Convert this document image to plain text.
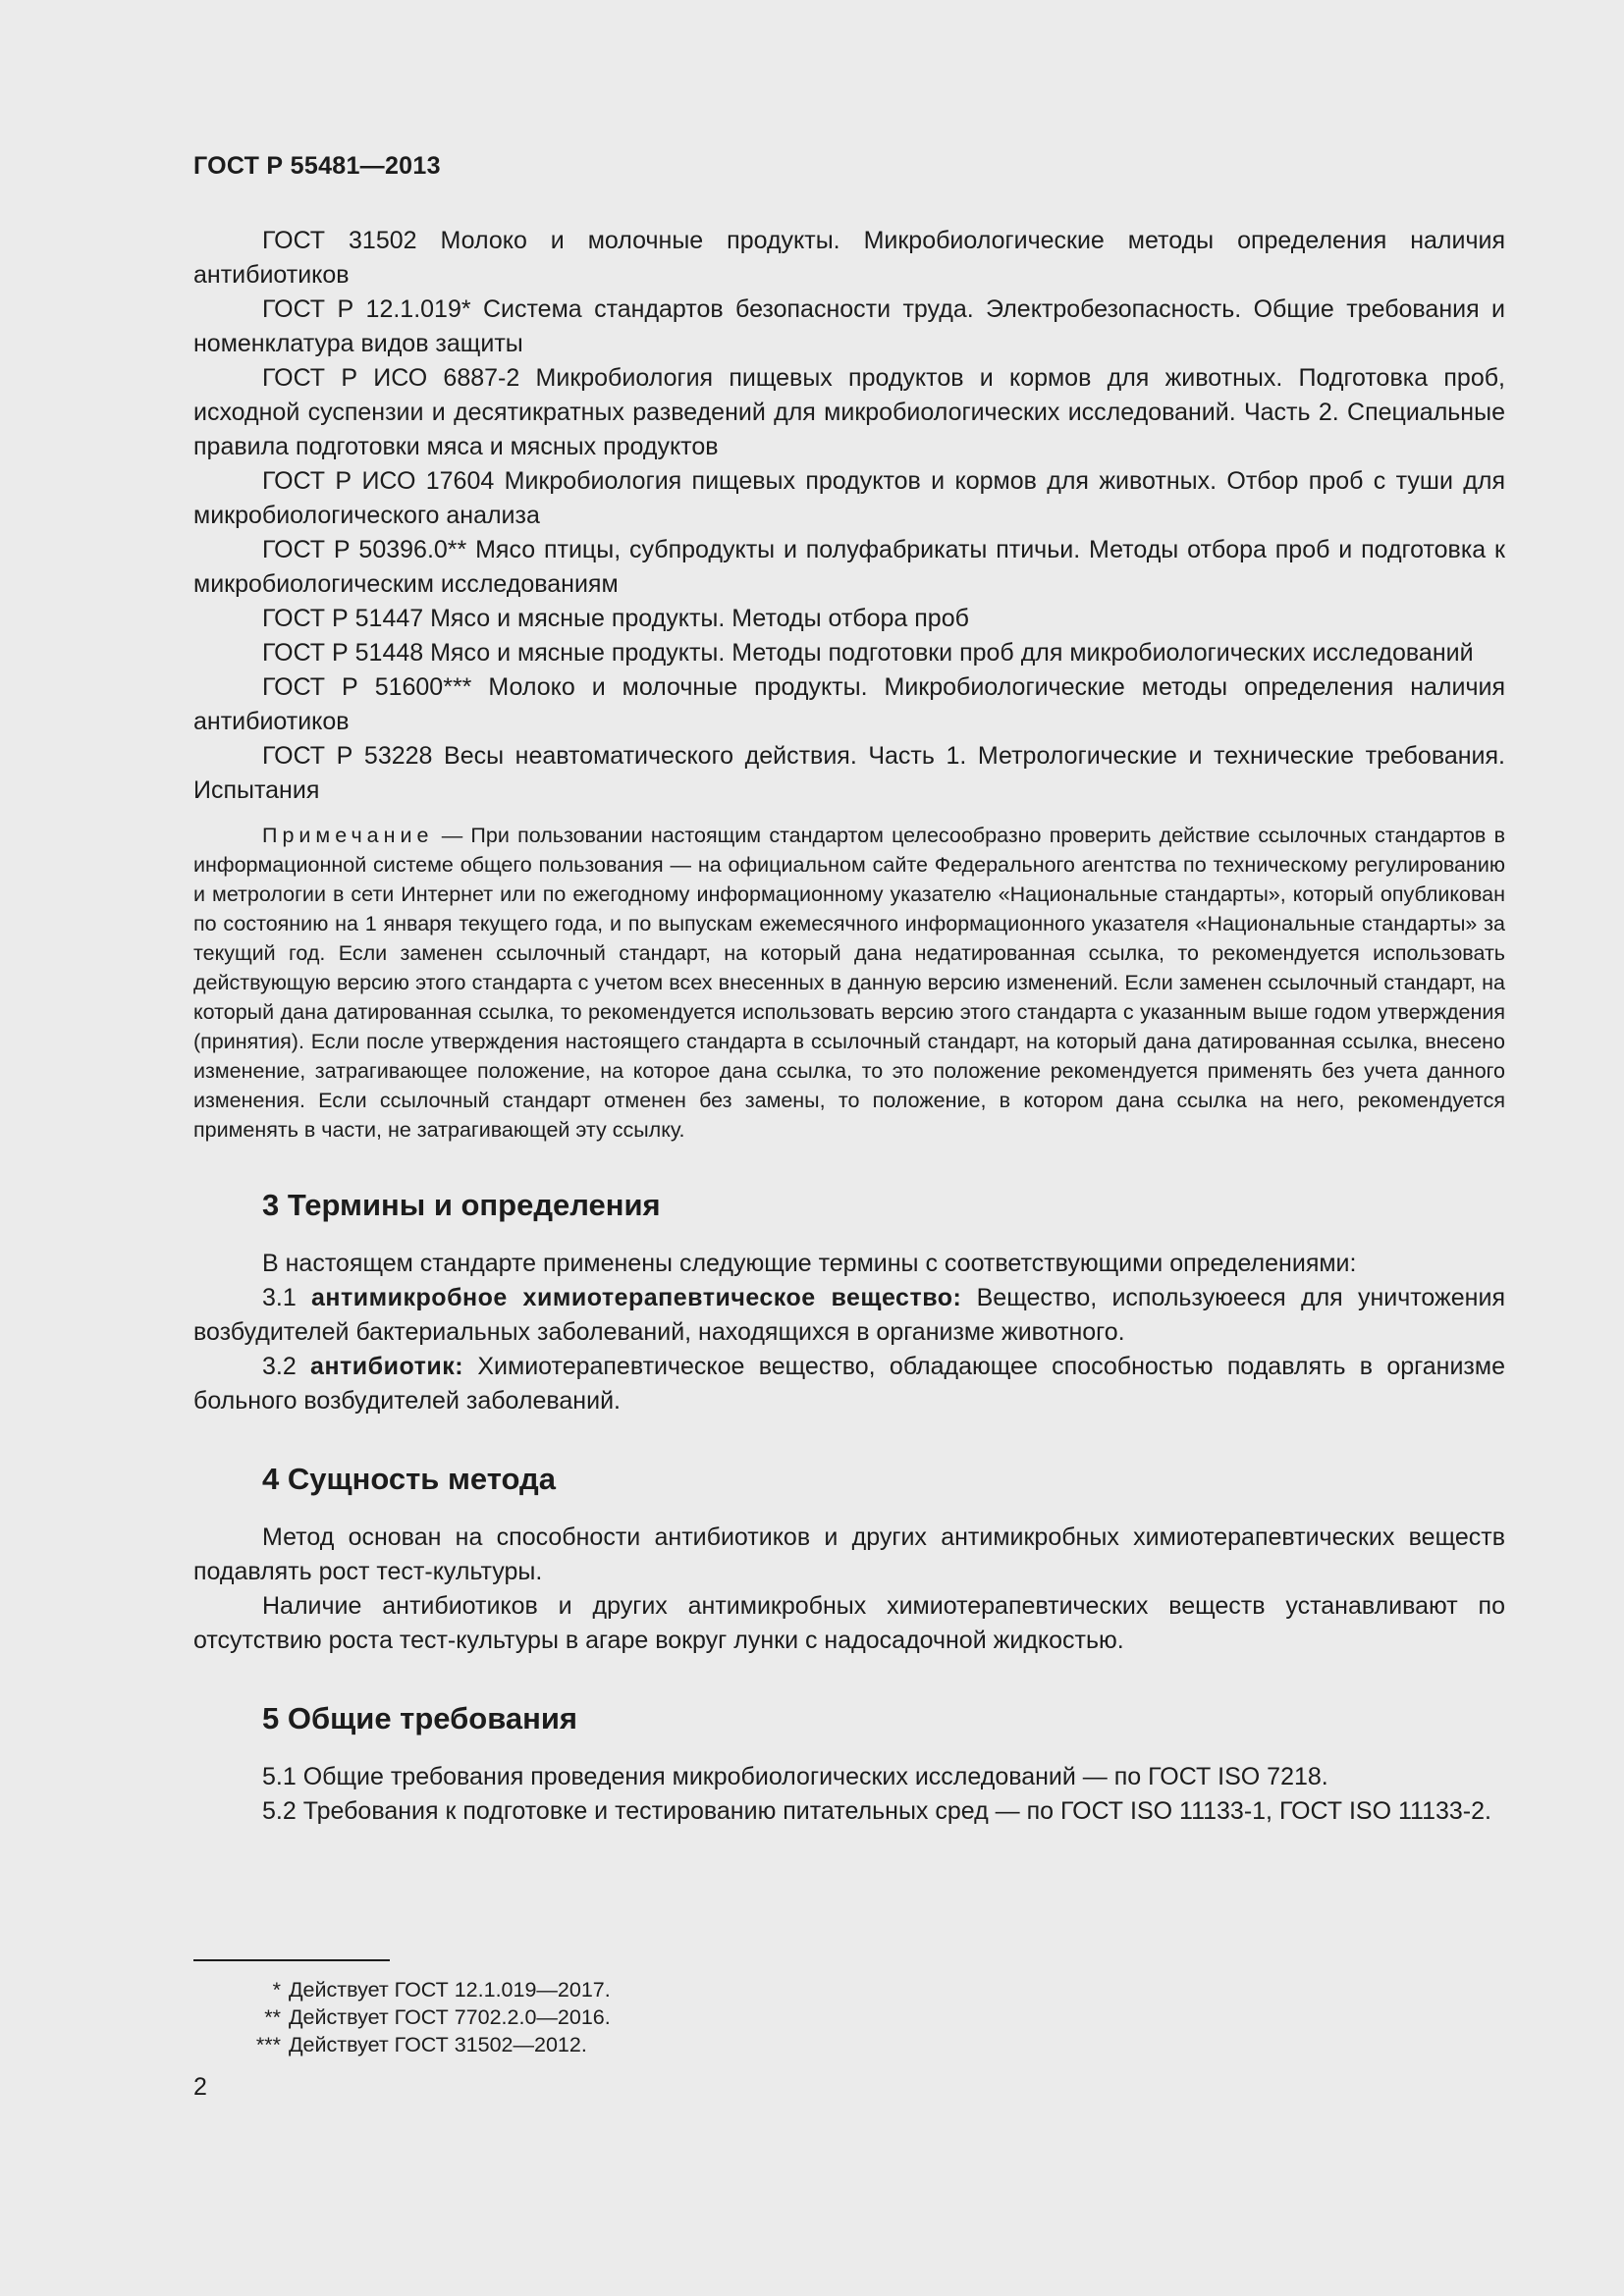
ГОСТ Р 55481—2013

ГОСТ 31502 Молоко и молочные продукты. Микробиологические методы определения наличия антибиотиков

ГОСТ Р 12.1.019* Система стандартов безопасности труда. Электробезопасность. Общие требования и номенклатура видов защиты

ГОСТ Р ИСО 6887-2 Микробиология пищевых продуктов и кормов для животных. Подготовка проб, исходной суспензии и десятикратных разведений для микробиологических исследований. Часть 2. Специальные правила подготовки мяса и мясных продуктов

ГОСТ Р ИСО 17604 Микробиология пищевых продуктов и кормов для животных. Отбор проб с туши для микробиологического анализа

ГОСТ Р 50396.0** Мясо птицы, субпродукты и полуфабрикаты птичьи. Методы отбора проб и подготовка к микробиологическим исследованиям

ГОСТ Р 51447 Мясо и мясные продукты. Методы отбора проб

ГОСТ Р 51448 Мясо и мясные продукты. Методы подготовки проб для микробиологических исследований

ГОСТ Р 51600*** Молоко и молочные продукты. Микробиологические методы определения наличия антибиотиков

ГОСТ Р 53228 Весы неавтоматического действия. Часть 1. Метрологические и технические требования. Испытания

Примечание — При пользовании настоящим стандартом целесообразно проверить действие ссылочных стандартов в информационной системе общего пользования — на официальном сайте Федерального агентства по техническому регулированию и метрологии в сети Интернет или по ежегодному информационному указателю «Национальные стандарты», который опубликован по состоянию на 1 января текущего года, и по выпускам ежемесячного информационного указателя «Национальные стандарты» за текущий год. Если заменен ссылочный стандарт, на который дана недатированная ссылка, то рекомендуется использовать действующую версию этого стандарта с учетом всех внесенных в данную версию изменений. Если заменен ссылочный стандарт, на который дана датированная ссылка, то рекомендуется использовать версию этого стандарта с указанным выше годом утверждения (принятия). Если после утверждения настоящего стандарта в ссылочный стандарт, на который дана датированная ссылка, внесено изменение, затрагивающее положение, на которое дана ссылка, то это положение рекомендуется применять без учета данного изменения. Если ссылочный стандарт отменен без замены, то положение, в котором дана ссылка на него, рекомендуется применять в части, не затрагивающей эту ссылку.

3 Термины и определения

В настоящем стандарте применены следующие термины с соответствующими определениями:

3.1 антимикробное химиотерапевтическое вещество: Вещество, используюееся для уничтожения возбудителей бактериальных заболеваний, находящихся в организме животного.

3.2 антибиотик: Химиотерапевтическое вещество, обладающее способностью подавлять в организме больного возбудителей заболеваний.

4 Сущность метода

Метод основан на способности антибиотиков и других антимикробных химиотерапевтических веществ подавлять рост тест-культуры.

Наличие антибиотиков и других антимикробных химиотерапевтических веществ устанавливают по отсутствию роста тест-культуры в агаре вокруг лунки с надосадочной жидкостью.

5 Общие требования

5.1 Общие требования проведения микробиологических исследований — по ГОСТ ISO 7218.

5.2 Требования к подготовке и тестированию питательных сред — по ГОСТ ISO 11133-1, ГОСТ ISO 11133-2.

* Действует ГОСТ 12.1.019—2017.
** Действует ГОСТ 7702.2.0—2016.
*** Действует ГОСТ 31502—2012.
2
